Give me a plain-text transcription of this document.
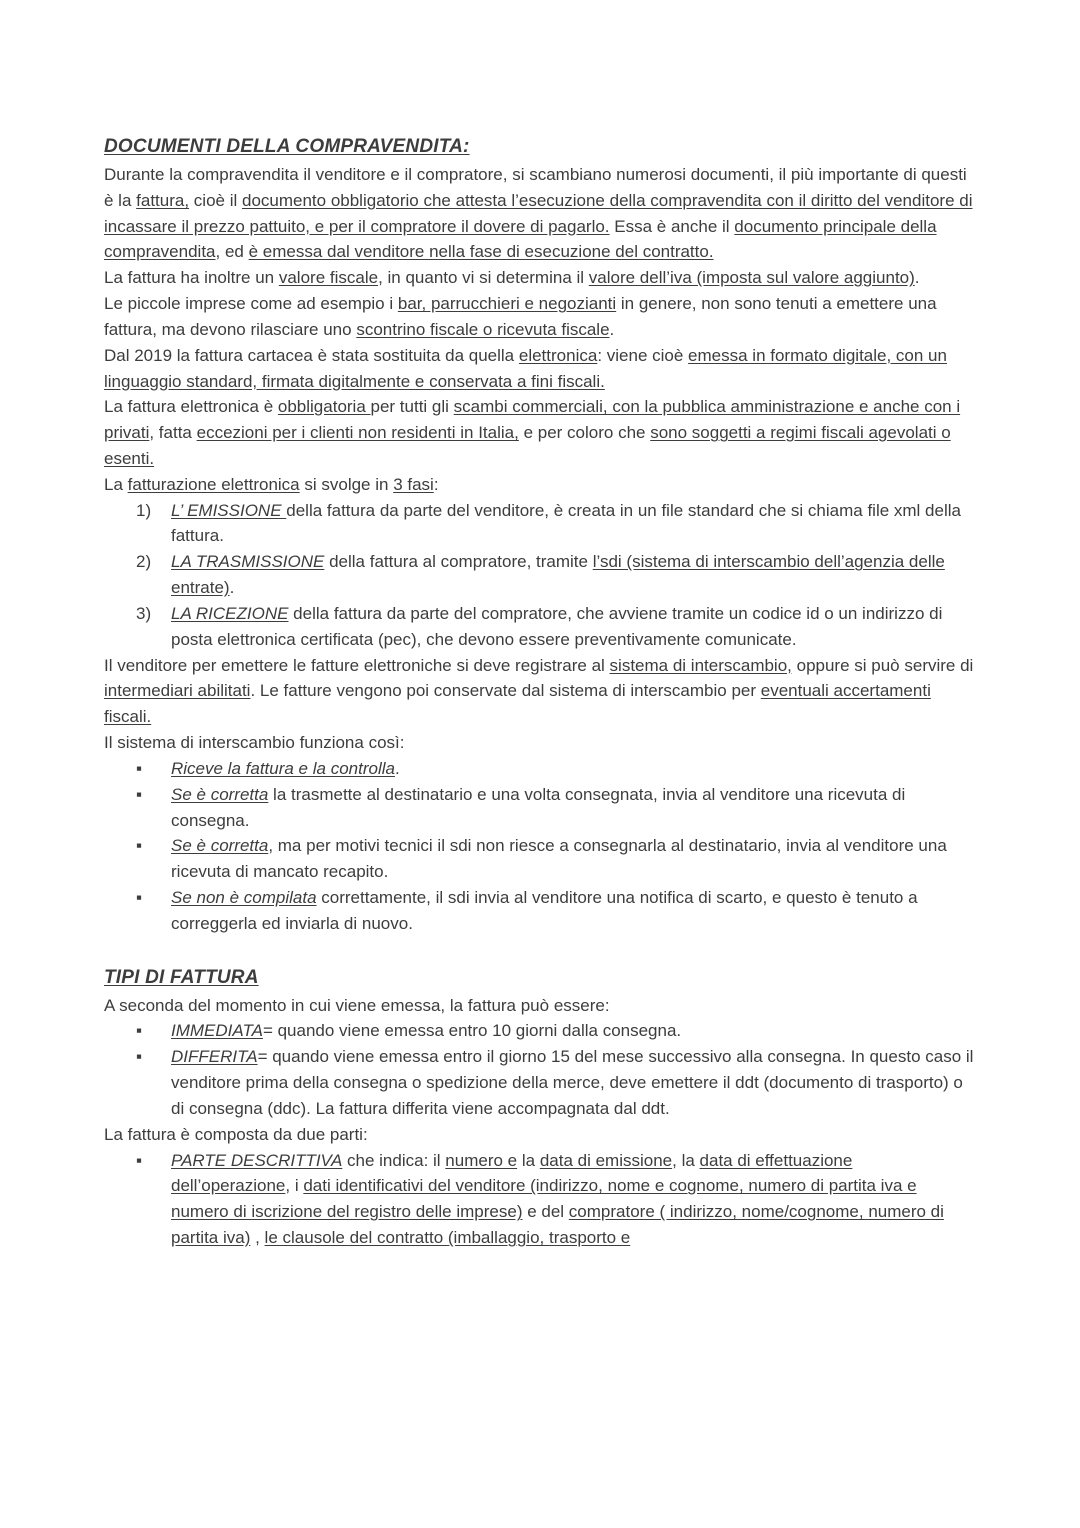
DOCUMENTI DELLA COMPRAVENDITA:
Durante la compravendita il venditore e il compratore, si scambiano numerosi documenti, il più importante di questi è la fattura, cioè il documento obbligatorio che attesta l’esecuzione della compravendita con il diritto del venditore di incassare il prezzo pattuito, e per il compratore il dovere di pagarlo. Essa è anche il documento principale della compravendita, ed è emessa dal venditore nella fase di esecuzione del contratto.
La fattura ha inoltre un valore fiscale, in quanto vi si determina il valore dell’iva (imposta sul valore aggiunto).
Le piccole imprese come ad esempio i bar, parrucchieri e negozianti in genere, non sono tenuti a emettere una fattura, ma devono rilasciare uno scontrino fiscale o ricevuta fiscale.
Dal 2019 la fattura cartacea è stata sostituita da quella elettronica: viene cioè emessa in formato digitale, con un linguaggio standard, firmata digitalmente e conservata a fini fiscali.
La fattura elettronica è obbligatoria per tutti gli scambi commerciali, con la pubblica amministrazione e anche con i privati, fatta eccezioni per i clienti non residenti in Italia, e per coloro che sono soggetti a regimi fiscali agevolati o esenti.
La fatturazione elettronica si svolge in 3 fasi:
1) L’ EMISSIONE della fattura da parte del venditore, è creata in un file standard che si chiama file xml della fattura.
2) LA TRASMISSIONE della fattura al compratore, tramite l’sdi (sistema di interscambio dell’agenzia delle entrate).
3) LA RICEZIONE della fattura da parte del compratore, che avviene tramite un codice id o un indirizzo di posta elettronica certificata (pec), che devono essere preventivamente comunicate.
Il venditore per emettere le fatture elettroniche si deve registrare al sistema di interscambio, oppure si può servire di intermediari abilitati. Le fatture vengono poi conservate dal sistema di interscambio per eventuali accertamenti fiscali.
Il sistema di interscambio funziona così:
▪ Riceve la fattura e la controlla.
▪ Se è corretta la trasmette al destinatario e una volta consegnata, invia al venditore una ricevuta di consegna.
▪ Se è corretta, ma per motivi tecnici il sdi non riesce a consegnarla al destinatario, invia al venditore una ricevuta di mancato recapito.
▪ Se non è compilata correttamente, il sdi invia al venditore una notifica di scarto, e questo è tenuto a correggerla ed inviarla di nuovo.
TIPI DI FATTURA
A seconda del momento in cui viene emessa, la fattura può essere:
▪ IMMEDIATA= quando viene emessa entro 10 giorni dalla consegna.
▪ DIFFERITA= quando viene emessa entro il giorno 15 del mese successivo alla consegna. In questo caso il venditore prima della consegna o spedizione della merce, deve emettere il ddt (documento di trasporto) o di consegna (ddc). La fattura differita viene accompagnata dal ddt.
La fattura è composta da due parti:
▪ PARTE DESCRITTIVA che indica: il numero e la data di emissione, la data di effettuazione dell’operazione, i dati identificativi del venditore (indirizzo, nome e cognome, numero di partita iva e numero di iscrizione del registro delle imprese) e del compratore ( indirizzo, nome/cognome, numero di partita iva) , le clausole del contratto (imballaggio, trasporto e
